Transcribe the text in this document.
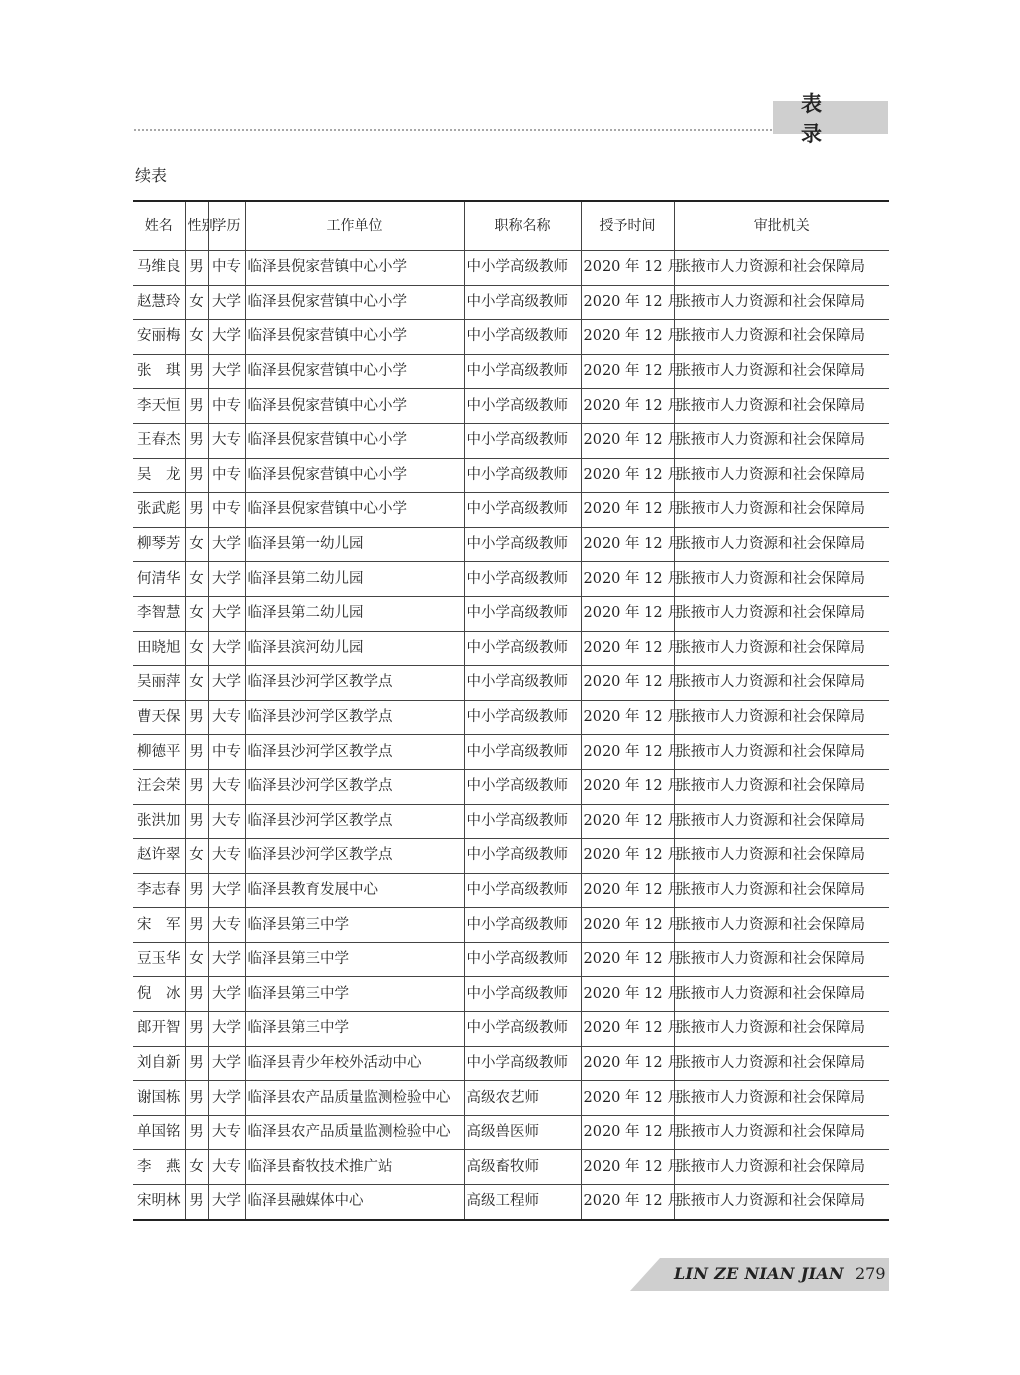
表 录
续表
姓名	性别	学历	工作单位	职称名称	授予时间	审批机关
马维良	男	中专	临泽县倪家营镇中心小学	中小学高级教师	2020 年 12 月	张掖市人力资源和社会保障局
赵慧玲	女	大学	临泽县倪家营镇中心小学	中小学高级教师	2020 年 12 月	张掖市人力资源和社会保障局
安丽梅	女	大学	临泽县倪家营镇中心小学	中小学高级教师	2020 年 12 月	张掖市人力资源和社会保障局
张　琪	男	大学	临泽县倪家营镇中心小学	中小学高级教师	2020 年 12 月	张掖市人力资源和社会保障局
李天恒	男	中专	临泽县倪家营镇中心小学	中小学高级教师	2020 年 12 月	张掖市人力资源和社会保障局
王春杰	男	大专	临泽县倪家营镇中心小学	中小学高级教师	2020 年 12 月	张掖市人力资源和社会保障局
吴　龙	男	中专	临泽县倪家营镇中心小学	中小学高级教师	2020 年 12 月	张掖市人力资源和社会保障局
张武彪	男	中专	临泽县倪家营镇中心小学	中小学高级教师	2020 年 12 月	张掖市人力资源和社会保障局
柳琴芳	女	大学	临泽县第一幼儿园	中小学高级教师	2020 年 12 月	张掖市人力资源和社会保障局
何清华	女	大学	临泽县第二幼儿园	中小学高级教师	2020 年 12 月	张掖市人力资源和社会保障局
李智慧	女	大学	临泽县第二幼儿园	中小学高级教师	2020 年 12 月	张掖市人力资源和社会保障局
田晓旭	女	大学	临泽县滨河幼儿园	中小学高级教师	2020 年 12 月	张掖市人力资源和社会保障局
吴丽萍	女	大学	临泽县沙河学区教学点	中小学高级教师	2020 年 12 月	张掖市人力资源和社会保障局
曹天保	男	大专	临泽县沙河学区教学点	中小学高级教师	2020 年 12 月	张掖市人力资源和社会保障局
柳德平	男	中专	临泽县沙河学区教学点	中小学高级教师	2020 年 12 月	张掖市人力资源和社会保障局
汪会荣	男	大专	临泽县沙河学区教学点	中小学高级教师	2020 年 12 月	张掖市人力资源和社会保障局
张洪加	男	大专	临泽县沙河学区教学点	中小学高级教师	2020 年 12 月	张掖市人力资源和社会保障局
赵许翠	女	大专	临泽县沙河学区教学点	中小学高级教师	2020 年 12 月	张掖市人力资源和社会保障局
李志春	男	大学	临泽县教育发展中心	中小学高级教师	2020 年 12 月	张掖市人力资源和社会保障局
宋　军	男	大专	临泽县第三中学	中小学高级教师	2020 年 12 月	张掖市人力资源和社会保障局
豆玉华	女	大学	临泽县第三中学	中小学高级教师	2020 年 12 月	张掖市人力资源和社会保障局
倪　冰	男	大学	临泽县第三中学	中小学高级教师	2020 年 12 月	张掖市人力资源和社会保障局
郎开智	男	大学	临泽县第三中学	中小学高级教师	2020 年 12 月	张掖市人力资源和社会保障局
刘自新	男	大学	临泽县青少年校外活动中心	中小学高级教师	2020 年 12 月	张掖市人力资源和社会保障局
谢国栋	男	大学	临泽县农产品质量监测检验中心	高级农艺师	2020 年 12 月	张掖市人力资源和社会保障局
单国铭	男	大专	临泽县农产品质量监测检验中心	高级兽医师	2020 年 12 月	张掖市人力资源和社会保障局
李　燕	女	大专	临泽县畜牧技术推广站	高级畜牧师	2020 年 12 月	张掖市人力资源和社会保障局
宋明林	男	大学	临泽县融媒体中心	高级工程师	2020 年 12 月	张掖市人力资源和社会保障局
LIN ZE NIAN JIAN 279
